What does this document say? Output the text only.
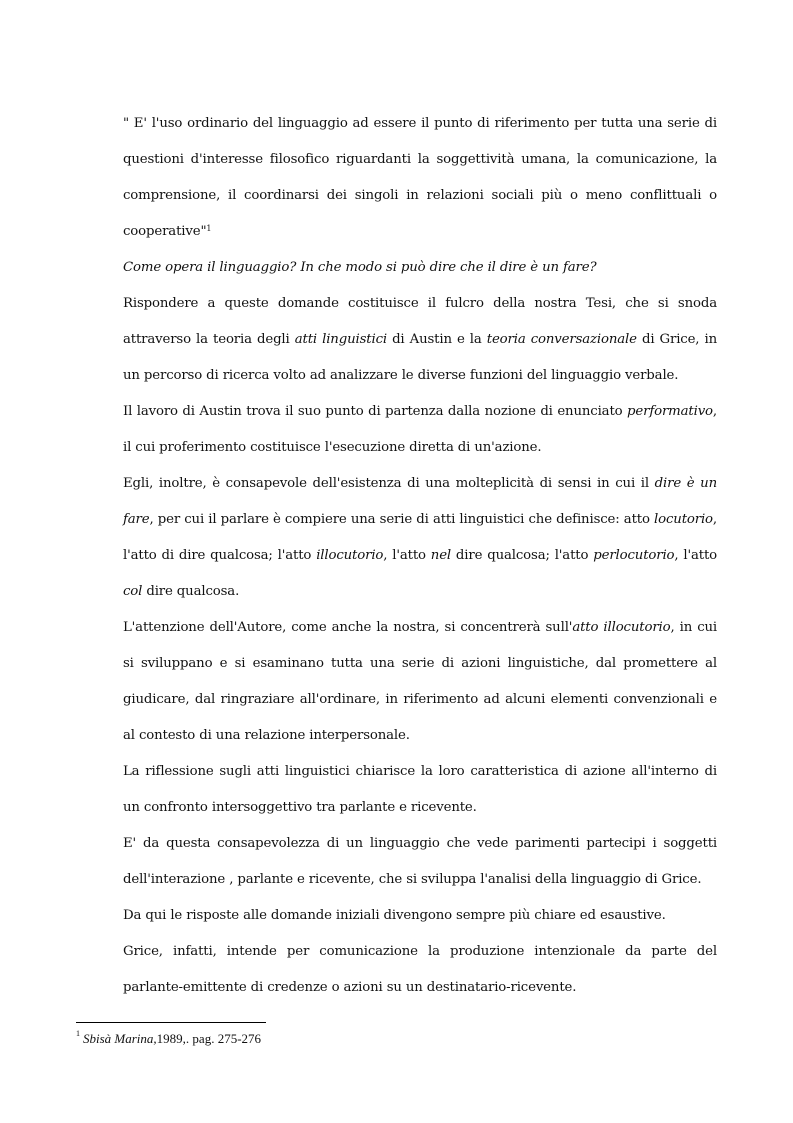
" E' l'uso ordinario del linguaggio ad essere il punto di riferimento per tutta una serie di questioni d'interesse filosofico riguardanti la soggettività umana, la comunicazione, la comprensione, il coordinarsi dei singoli in relazioni sociali più o meno conflittuali o cooperative"$^1$

Come opera il linguaggio? In che modo si può dire che il dire è un fare?

Rispondere a queste domande costituisce il fulcro della nostra Tesi, che si snoda attraverso la teoria degli atti linguistici di Austin e la teoria conversazionale di Grice, in un percorso di ricerca volto ad analizzare le diverse funzioni del linguaggio verbale.

Il lavoro di Austin trova il suo punto di partenza dalla nozione di enunciato performativo, il cui proferimento costituisce l'esecuzione diretta di un'azione.

Egli, inoltre, è consapevole dell'esistenza di una molteplicità di sensi in cui il dire è un fare, per cui il parlare è compiere una serie di atti linguistici che definisce: atto locutorio, l'atto di dire qualcosa; l'atto illocutorio, l'atto nel dire qualcosa; l'atto perlocutorio, l'atto col dire qualcosa.

L'attenzione dell'Autore, come anche la nostra, si concentrerà sull'atto illocutorio, in cui si sviluppano e si esaminano tutta una serie di azioni linguistiche, dal promettere al giudicare, dal ringraziare all'ordinare, in riferimento ad alcuni elementi convenzionali e al contesto di una relazione interpersonale.

La riflessione sugli atti linguistici chiarisce la loro caratteristica di azione all'interno di un confronto intersoggettivo tra parlante e ricevente.

E' da questa consapevolezza di un linguaggio che vede parimenti partecipi i soggetti dell'interazione , parlante e ricevente, che si sviluppa l'analisi della linguaggio di Grice.

Da qui le risposte alle domande iniziali divengono sempre più chiare ed esaustive.

Grice, infatti, intende per comunicazione la produzione intenzionale da parte del parlante-emittente di credenze o azioni su un destinatario-ricevente.

$^1$ Sbisà Marina,1989,. pag. 275-276
